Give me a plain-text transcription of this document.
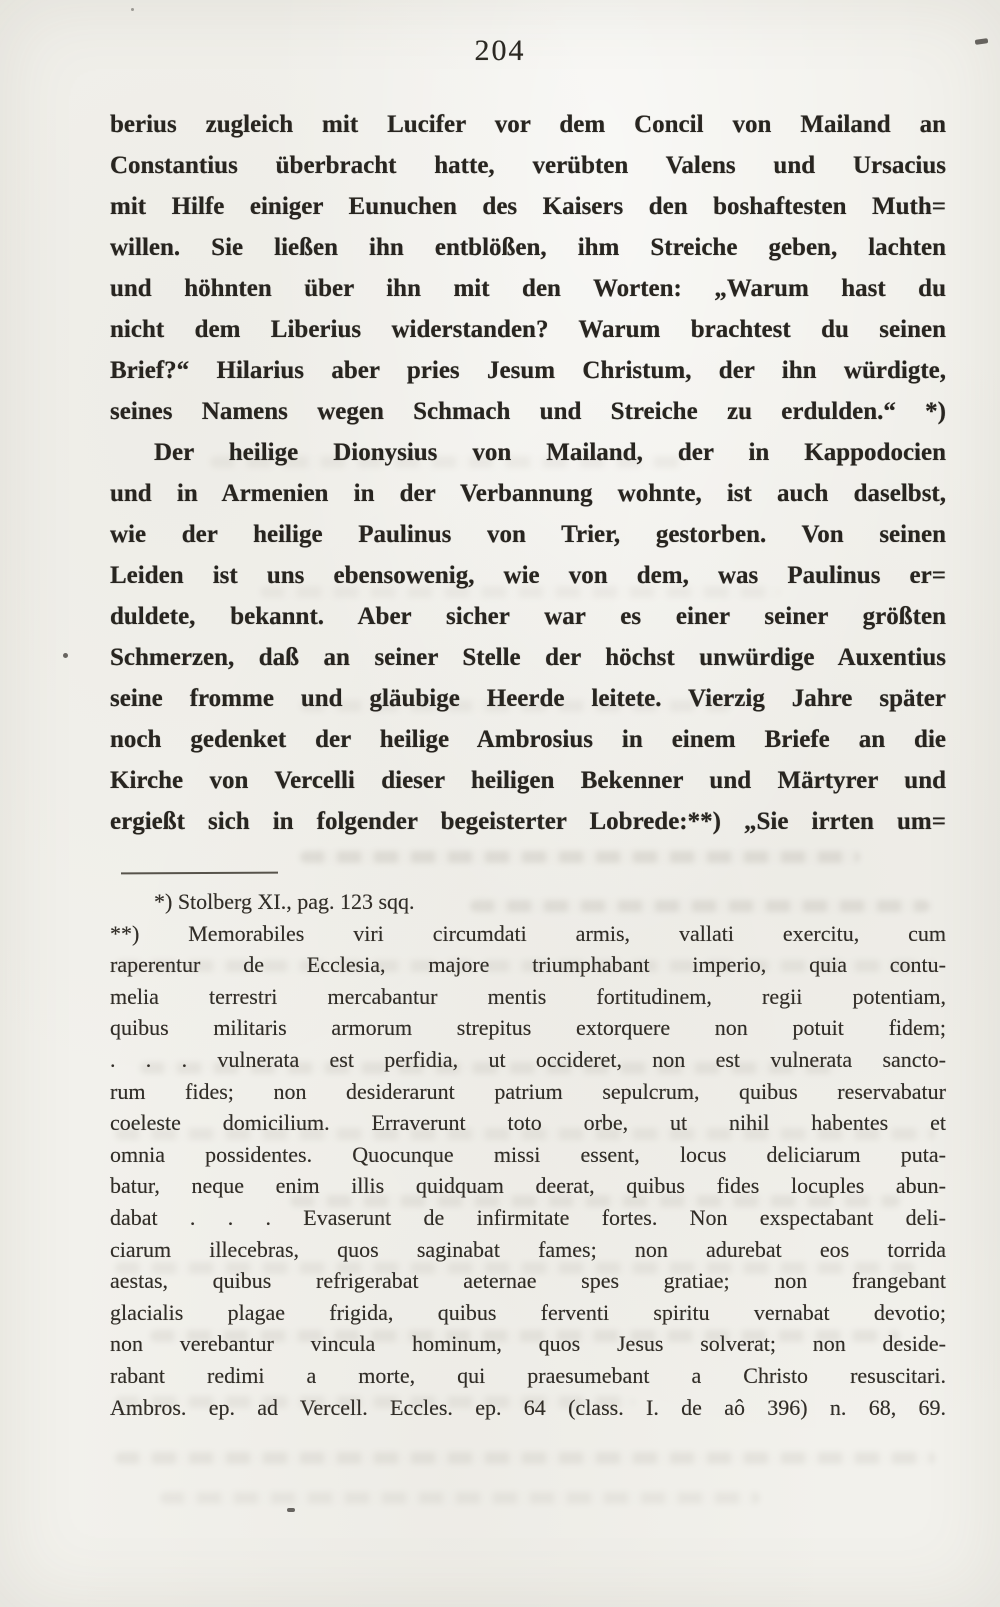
204
berius zugleich mit Lucifer vor dem Concil von Mailand an
Constantius überbracht hatte, verübten Valens und Ursacius
mit Hilfe einiger Eunuchen des Kaisers den boshaftesten Muth=
willen. Sie ließen ihn entblößen, ihm Streiche geben, lachten
und höhnten über ihn mit den Worten: „Warum hast du
nicht dem Liberius widerstanden? Warum brachtest du seinen
Brief?“ Hilarius aber pries Jesum Christum, der ihn würdigte,
seines Namens wegen Schmach und Streiche zu erdulden.“ *)
Der heilige Dionysius von Mailand, der in Kappodocien
und in Armenien in der Verbannung wohnte, ist auch daselbst,
wie der heilige Paulinus von Trier, gestorben. Von seinen
Leiden ist uns ebensowenig, wie von dem, was Paulinus er=
duldete, bekannt. Aber sicher war es einer seiner größten
Schmerzen, daß an seiner Stelle der höchst unwürdige Auxentius
seine fromme und gläubige Heerde leitete. Vierzig Jahre später
noch gedenket der heilige Ambrosius in einem Briefe an die
Kirche von Vercelli dieser heiligen Bekenner und Märtyrer und
ergießt sich in folgender begeisterter Lobrede:**) „Sie irrten um=
*) Stolberg XI., pag. 123 sqq.
**) Memorabiles viri circumdati armis, vallati exercitu, cum
raperentur de Ecclesia, majore triumphabant imperio, quia contu-
melia terrestri mercabantur mentis fortitudinem, regii potentiam,
quibus militaris armorum strepitus extorquere non potuit fidem;
. . . vulnerata est perfidia, ut occideret, non est vulnerata sancto-
rum fides; non desiderarunt patrium sepulcrum, quibus reservabatur
coeleste domicilium. Erraverunt toto orbe, ut nihil habentes et
omnia possidentes. Quocunque missi essent, locus deliciarum puta-
batur, neque enim illis quidquam deerat, quibus fides locuples abun-
dabat . . . Evaserunt de infirmitate fortes. Non exspectabant deli-
ciarum illecebras, quos saginabat fames; non adurebat eos torrida
aestas, quibus refrigerabat aeternae spes gratiae; non frangebant
glacialis plagae frigida, quibus ferventi spiritu vernabat devotio;
non verebantur vincula hominum, quos Jesus solverat; non deside-
rabant redimi a morte, qui praesumebant a Christo resuscitari.
Ambros. ep. ad Vercell. Eccles. ep. 64 (class. I. de aô 396) n. 68, 69.
